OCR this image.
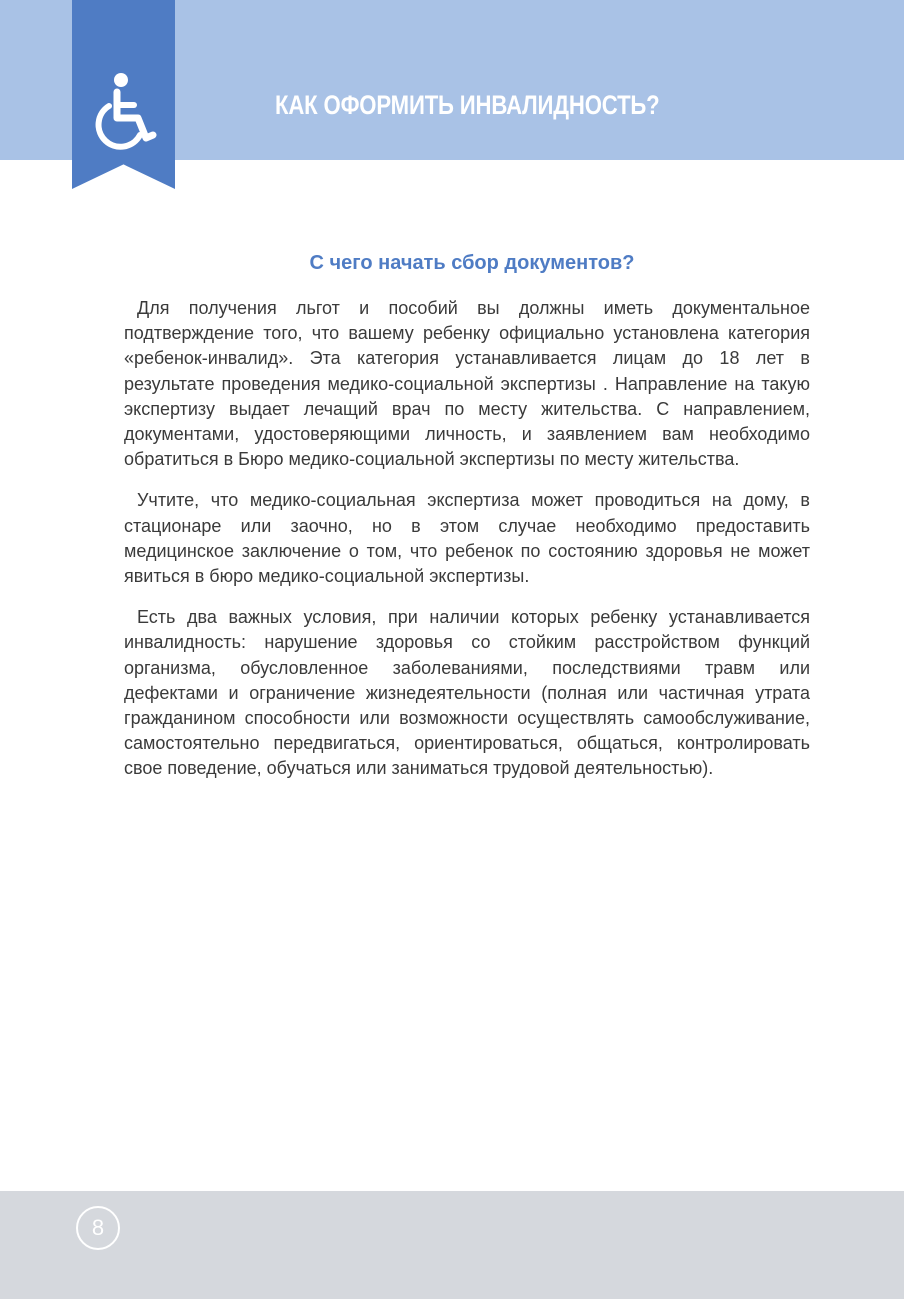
КАК ОФОРМИТЬ ИНВАЛИДНОСТЬ?
С чего начать сбор документов?

Для получения льгот и пособий вы должны иметь документальное подтверждение того, что вашему ребенку официально установлена категория «ребенок-инвалид». Эта категория устанавливается лицам до 18 лет в результате проведения медико-социальной экспертизы . Направление на такую экспертизу выдает лечащий врач по месту жительства. С направлением, документами, удостоверяющими личность, и заявлением вам необходимо обратиться в Бюро медико-социальной экспертизы по месту жительства.

Учтите, что медико-социальная экспертиза может проводиться на дому, в стационаре или заочно, но в этом случае необходимо предоставить медицинское заключение о том, что ребенок по состоянию здоровья не может явиться в бюро медико-социальной экспертизы.

Есть два важных условия, при наличии которых ребенку устанавливается инвалидность: нарушение здоровья со стойким расстройством функций организма, обусловленное заболеваниями, последствиями травм или дефектами и ограничение жизнедеятельности (полная или частичная утрата гражданином способности или возможности осуществлять самообслуживание, самостоятельно передвигаться, ориентироваться, общаться, контролировать свое поведение, обучаться или заниматься трудовой деятельностью).

8
